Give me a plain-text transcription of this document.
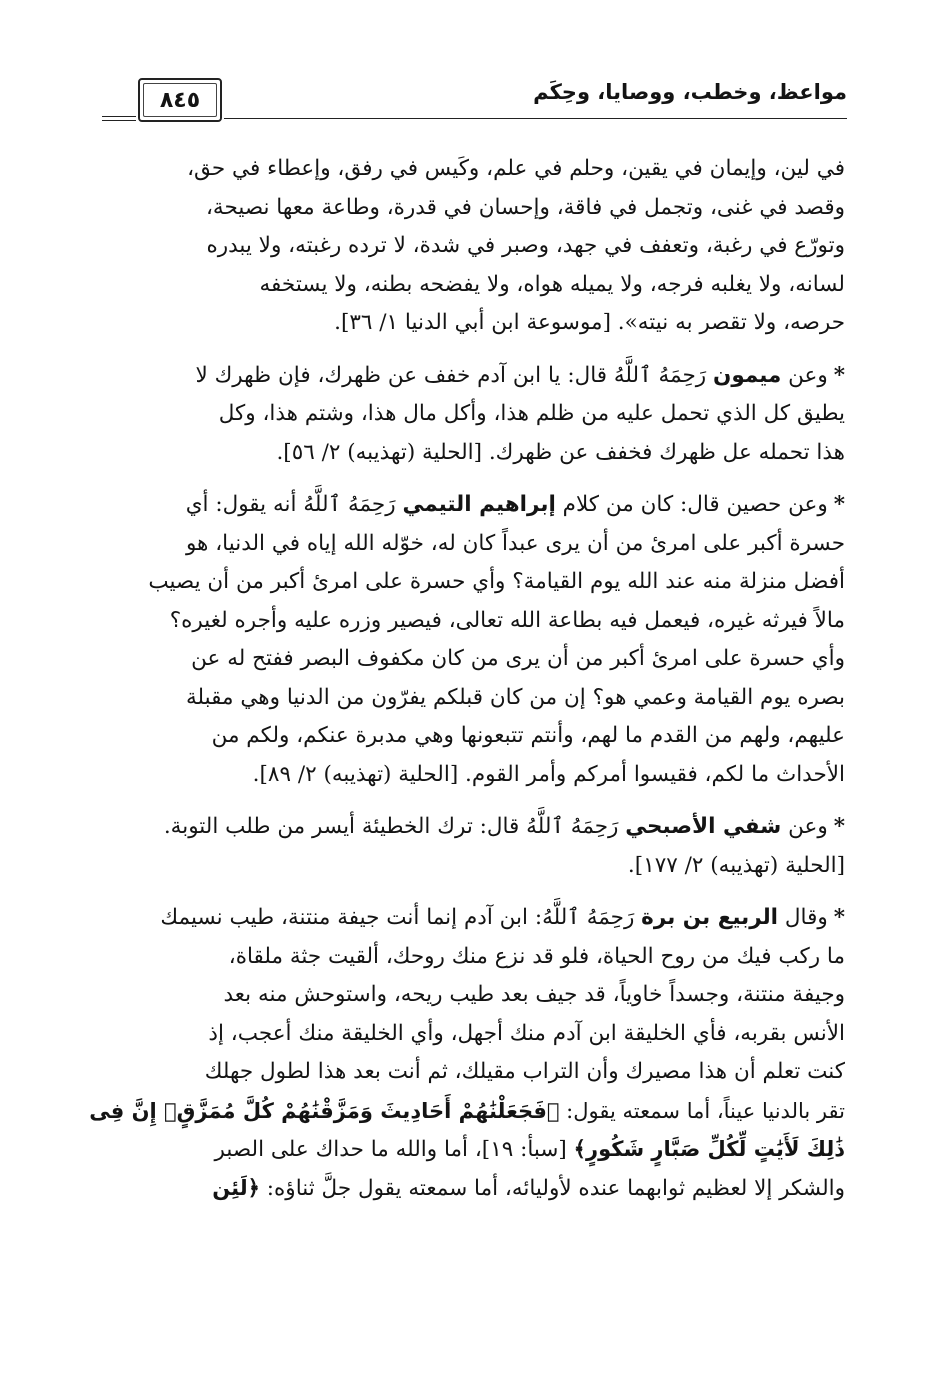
مواعظ، وخطب، ووصايا، وحِكَم
٨٤٥
في لين، وإيمان في يقين، وحلم في علم، وكَيس في رفق، وإعطاء في حق،
وقصد في غنى، وتجمل في فاقة، وإحسان في قدرة، وطاعة معها نصيحة،
وتورّع في رغبة، وتعفف في جهد، وصبر في شدة، لا ترده رغبته، ولا يبدره
لسانه، ولا يغلبه فرجه، ولا يميله هواه، ولا يفضحه بطنه، ولا يستخفه
حرصه، ولا تقصر به نيته». [موسوعة ابن أبي الدنيا ١/ ٣٦].
*وعن ميمون رَحِمَهُ ٱللَّهُ قال: يا ابن آدم خفف عن ظهرك، فإن ظهرك لا
يطيق كل الذي تحمل عليه من ظلم هذا، وأكل مال هذا، وشتم هذا، وكل
هذا تحمله عل ظهرك فخفف عن ظهرك. [الحلية (تهذيبه) ٢/ ٥٦].
*وعن حصين قال: كان من كلام إبراهيم التيمي رَحِمَهُ ٱللَّهُ أنه يقول: أي
حسرة أكبر على امرئ من أن يرى عبداً كان له، خوّله الله إياه في الدنيا، هو
أفضل منزلة منه عند الله يوم القيامة؟ وأي حسرة على امرئ أكبر من أن يصيب
مالاً فيرثه غيره، فيعمل فيه بطاعة الله تعالى، فيصير وزره عليه وأجره لغيره؟
وأي حسرة على امرئ أكبر من أن يرى من كان مكفوف البصر ففتح له عن
بصره يوم القيامة وعمي هو؟ إن من كان قبلكم يفرّون من الدنيا وهي مقبلة
عليهم، ولهم من القدم ما لهم، وأنتم تتبعونها وهي مدبرة عنكم، ولكم من
الأحداث ما لكم، فقيسوا أمركم وأمر القوم. [الحلية (تهذيبه) ٢/ ٨٩].
*وعن شفي الأصبحي رَحِمَهُ ٱللَّهُ قال: ترك الخطيئة أيسر من طلب التوبة.
[الحلية (تهذيبه) ٢/ ١٧٧].
*وقال الربيع بن برة رَحِمَهُ ٱللَّهُ: ابن آدم إنما أنت جيفة منتنة، طيب نسيمك
ما ركب فيك من روح الحياة، فلو قد نزع منك روحك، ألقيت جثة ملقاة،
وجيفة منتنة، وجسداً خاوياً، قد جيف بعد طيب ريحه، واستوحش منه بعد
الأنس بقربه، فأي الخليقة ابن آدم منك أجهل، وأي الخليقة منك أعجب، إذ
كنت تعلم أن هذا مصيرك وأن التراب مقيلك، ثم أنت بعد هذا لطول جهلك
تقر بالدنيا عيناً، أما سمعته يقول: ﴿فَجَعَلْنَٰهُمْ أَحَادِيثَ وَمَزَّقْنَٰهُمْ كُلَّ مُمَزَّقٍۚ إِنَّ فِى
ذَٰلِكَ لَأَيَٰتٍ لِّكُلِّ صَبَّارٍ شَكُورٍ﴾ [سبأ: ١٩]، أما والله ما حداك على الصبر
والشكر إلا لعظيم ثوابهما عنده لأوليائه، أما سمعته يقول جلَّ ثناؤه: ﴿لَئِن
